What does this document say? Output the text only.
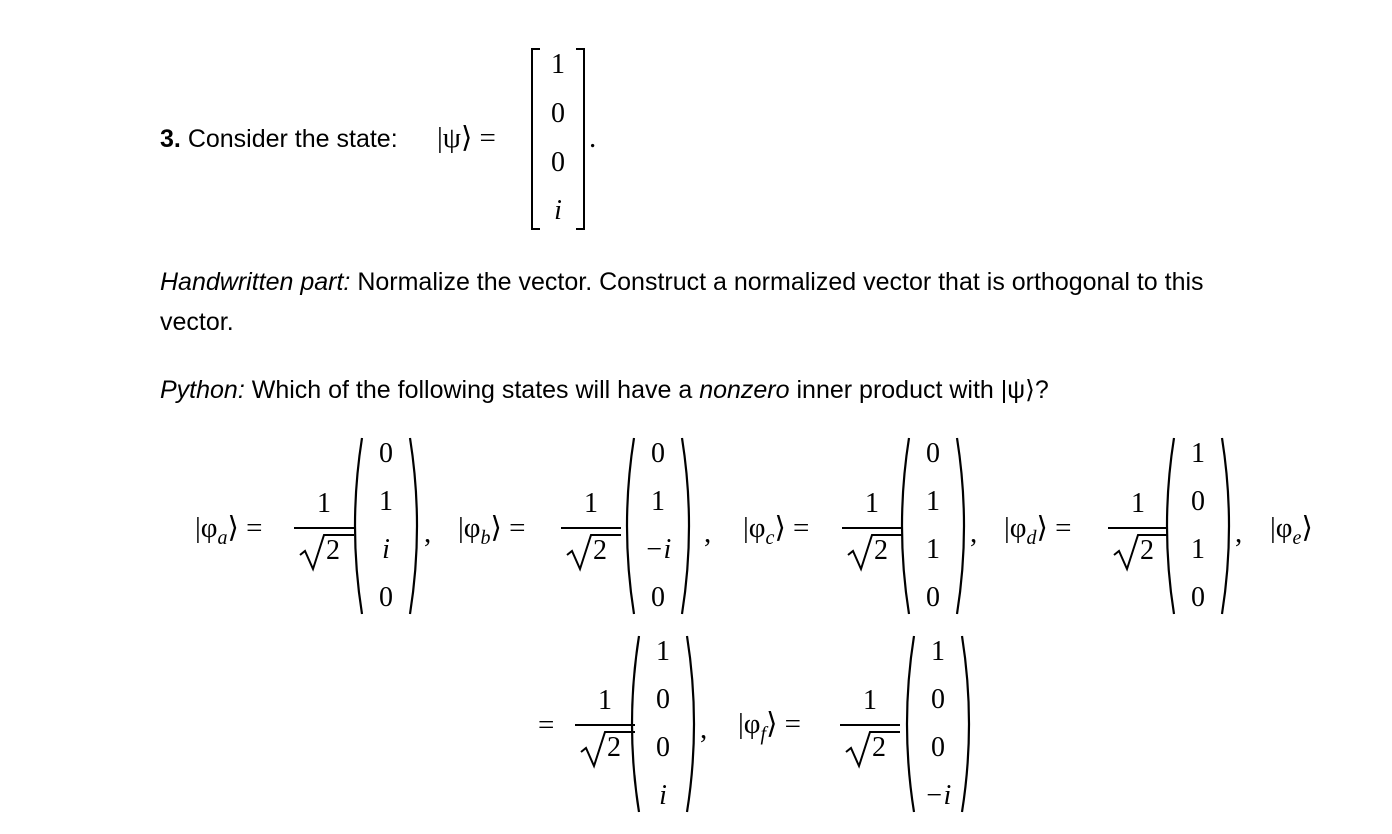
3. Consider the state: |ψ⟩ =
1
0
0
i
.
Handwritten part: Normalize the vector. Construct a normalized vector that is orthogonal to this
vector.
Python: Which of the following states will have a nonzero inner product with |ψ⟩?
$|\varphi_a⟩$ =
1
2
0
1
i
0
, $|\varphi_b⟩$ =
1
2
0
1
−i
0
, $|\varphi_c⟩$ =
1
2
0
1
1
0
, $|\varphi_d⟩$ =
1
2
1
0
1
0
, $|\varphi_e⟩$
=
1
2
1
0
0
i
, $|\varphi_f⟩$ =
1
2
1
0
0
−i
